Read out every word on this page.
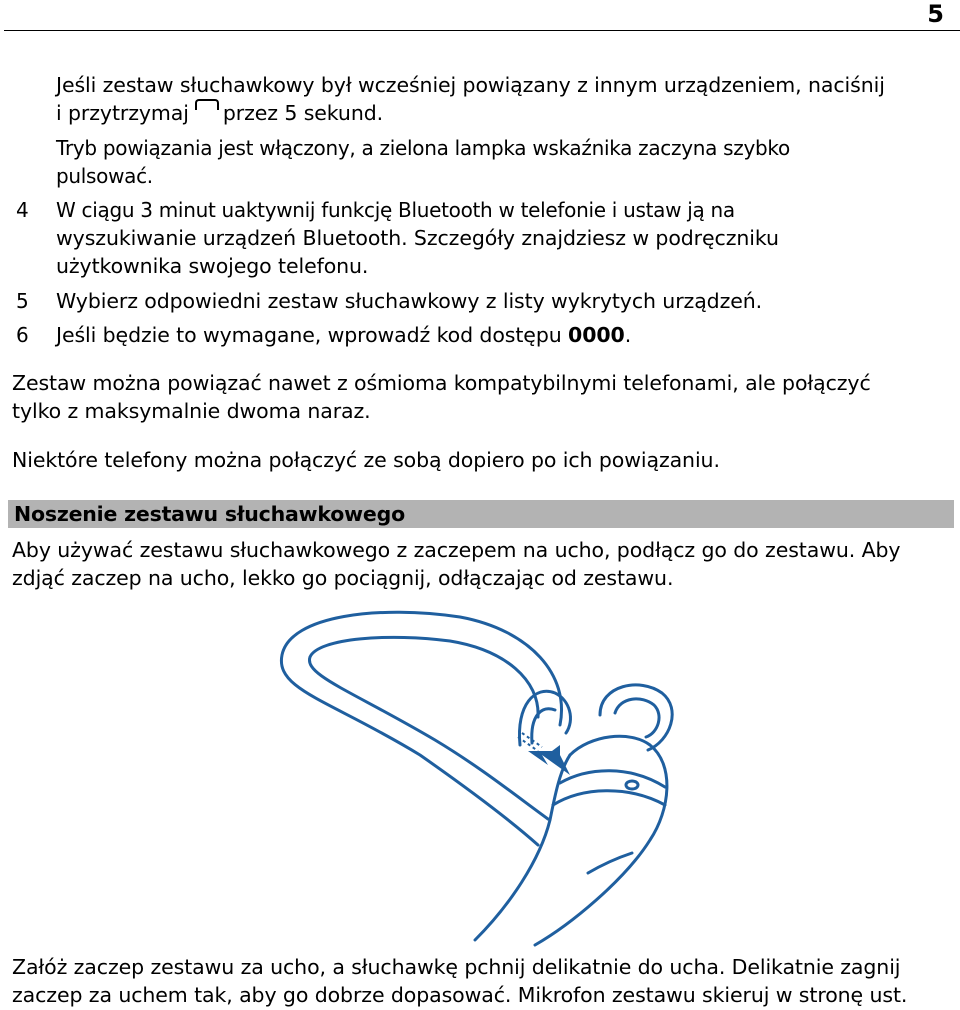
5
Jeśli zestaw słuchawkowy był wcześniej powiązany z innym urządzeniem, naciśnij
i przytrzymaj przez 5 sekund.
Tryb powiązania jest włączony, a zielona lampka wskaźnika zaczyna szybko
pulsować.
4 W ciągu 3 minut uaktywnij funkcję Bluetooth w telefonie i ustaw ją na
wyszukiwanie urządzeń Bluetooth. Szczegóły znajdziesz w podręczniku
użytkownika swojego telefonu.
5 Wybierz odpowiedni zestaw słuchawkowy z listy wykrytych urządzeń.
6 Jeśli będzie to wymagane, wprowadź kod dostępu 0000.
Zestaw można powiązać nawet z ośmioma kompatybilnymi telefonami, ale połączyć
tylko z maksymalnie dwoma naraz.
Niektóre telefony można połączyć ze sobą dopiero po ich powiązaniu.
Noszenie zestawu słuchawkowego
Aby używać zestawu słuchawkowego z zaczepem na ucho, podłącz go do zestawu. Aby
zdjąć zaczep na ucho, lekko go pociągnij, odłączając od zestawu.
Załóż zaczep zestawu za ucho, a słuchawkę pchnij delikatnie do ucha. Delikatnie zagnij
zaczep za uchem tak, aby go dobrze dopasować. Mikrofon zestawu skieruj w stronę ust.
